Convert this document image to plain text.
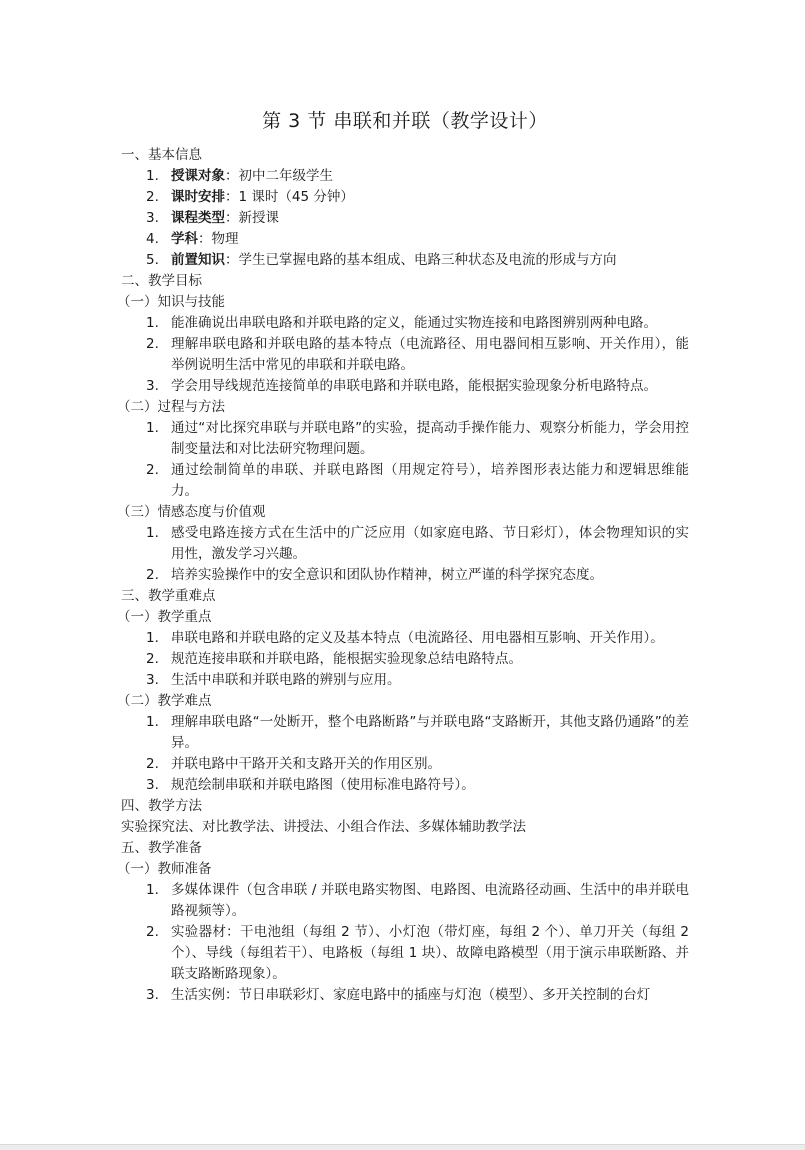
第 3 节 串联和并联（教学设计）
一、基本信息
1. 授课对象：初中二年级学生
2. 课时安排：1 课时（45 分钟）
3. 课程类型：新授课
4. 学科：物理
5. 前置知识：学生已掌握电路的基本组成、电路三种状态及电流的形成与方向
二、教学目标
（一）知识与技能
1. 能准确说出串联电路和并联电路的定义，能通过实物连接和电路图辨别两种电路。
2. 理解串联电路和并联电路的基本特点（电流路径、用电器间相互影响、开关作用），能举例说明生活中常见的串联和并联电路。
3. 学会用导线规范连接简单的串联电路和并联电路，能根据实验现象分析电路特点。
（二）过程与方法
1. 通过“对比探究串联与并联电路”的实验，提高动手操作能力、观察分析能力，学会用控制变量法和对比法研究物理问题。
2. 通过绘制简单的串联、并联电路图（用规定符号），培养图形表达能力和逻辑思维能力。
（三）情感态度与价值观
1. 感受电路连接方式在生活中的广泛应用（如家庭电路、节日彩灯），体会物理知识的实用性，激发学习兴趣。
2. 培养实验操作中的安全意识和团队协作精神，树立严谨的科学探究态度。
三、教学重难点
（一）教学重点
1. 串联电路和并联电路的定义及基本特点（电流路径、用电器相互影响、开关作用）。
2. 规范连接串联和并联电路，能根据实验现象总结电路特点。
3. 生活中串联和并联电路的辨别与应用。
（二）教学难点
1. 理解串联电路“一处断开，整个电路断路”与并联电路“支路断开，其他支路仍通路”的差异。
2. 并联电路中干路开关和支路开关的作用区别。
3. 规范绘制串联和并联电路图（使用标准电路符号）。
四、教学方法
实验探究法、对比教学法、讲授法、小组合作法、多媒体辅助教学法
五、教学准备
（一）教师准备
1. 多媒体课件（包含串联 / 并联电路实物图、电路图、电流路径动画、生活中的串并联电路视频等）。
2. 实验器材：干电池组（每组 2 节）、小灯泡（带灯座，每组 2 个）、单刀开关（每组 2 个）、导线（每组若干）、电路板（每组 1 块）、故障电路模型（用于演示串联断路、并联支路断路现象）。
3. 生活实例：节日串联彩灯、家庭电路中的插座与灯泡（模型）、多开关控制的台灯
